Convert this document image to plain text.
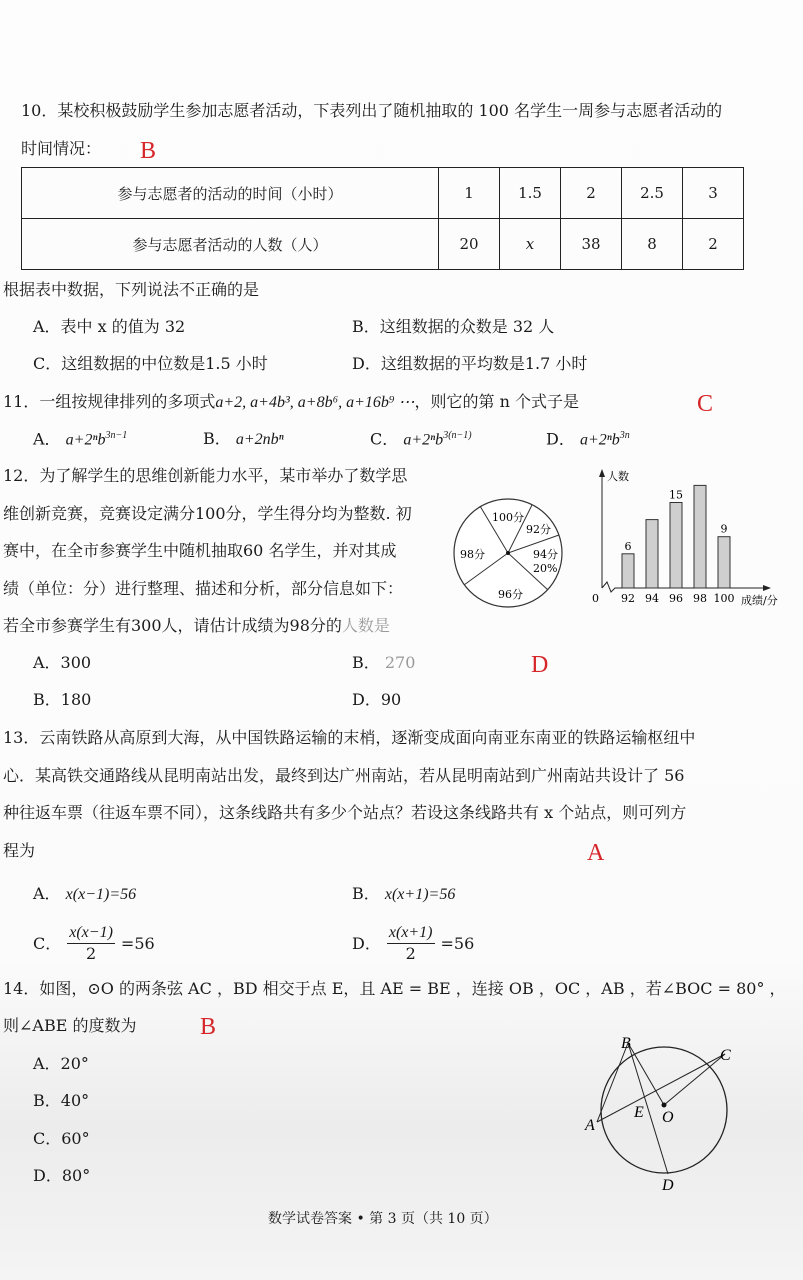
10．某校积极鼓励学生参加志愿者活动，下表列出了随机抽取的 100 名学生一周参与志愿者活动的
时间情况： B
参与志愿者的活动的时间（小时）	1	1.5	2	2.5	3
参与志愿者活动的人数（人）	20	x	38	8	2
根据表中数据，下列说法不正确的是
A．表中 x 的值为 32	B．这组数据的众数是 32 人
C．这组数据的中位数是1.5 小时	D．这组数据的平均数是1.7 小时
11．一组按规律排列的多项式a+2, a+4b³, a+8b⁶, a+16b⁹ ⋯，则它的第 n 个式子是	C
A． a+2ⁿb$^{3n-1}$	B． a+2nbⁿ	C． a+2ⁿb$^{3(n-1)}$	D． a+2ⁿb$^{3n}$
12．为了解学生的思维创新能力水平，某市举办了数学思
维创新竞赛，竞赛设定满分100分，学生得分均为整数. 初
赛中，在全市参赛学生中随机抽取60 名学生，并对其成
绩（单位：分）进行整理、描述和分析，部分信息如下：
若全市参赛学生有300人，请估计成绩为98分的人数是
D
A．300	B． 270
B．180	D．90
100分
92分
94分
20%
96分
98分
人数
0	成绩/分
92
6
94 96
15
98 100
9
13．云南铁路从高原到大海，从中国铁路运输的末梢，逐渐变成面向南亚东南亚的铁路运输枢纽中
心．某高铁交通路线从昆明南站出发，最终到达广州南站，若从昆明南站到广州南站共设计了 56
种往返车票（往返车票不同），这条线路共有多少个站点？若设这条线路共有 x 个站点，则可列方
程为	A
A． x(x−1)=56	B． x(x+1)=56
C． $\frac{x(x-1)}{2} =56$	D． $\frac{x(x+1)}{2} =56$
14．如图，⊙O 的两条弦 AC ，BD 相交于点 E，且 AE = BE ，连接 OB ，OC ，AB ，若∠BOC = 80° ，
则∠ABE 的度数为	B
A．20°
B．40°
C．60°
D．80°
B
C
A
E O
D
数学试卷答案 • 第 3 页（共 10 页）
